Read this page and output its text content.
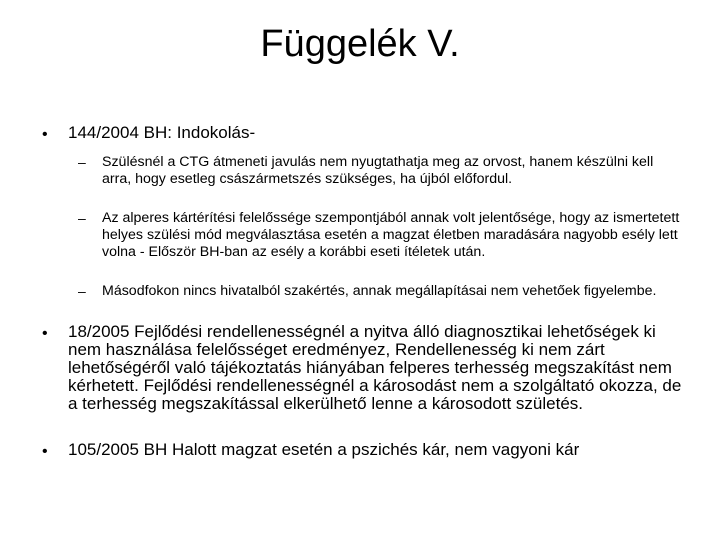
Függelék V.
• 144/2004 BH: Indokolás-
– Szülésnél a CTG átmeneti javulás nem nyugtathatja meg az orvost, hanem készülni kell arra, hogy esetleg császármetszés szükséges, ha újból előfordul.
– Az alperes kártérítési felelőssége szempontjából annak volt jelentősége, hogy az ismertetett helyes szülési mód megválasztása esetén a magzat életben maradására nagyobb esély lett volna - Először BH-ban az esély a korábbi eseti ítéletek után.
– Másodfokon nincs hivatalból szakértés, annak megállapításai nem vehetőek figyelembe.
• 18/2005 Fejlődési rendellenességnél a nyitva álló diagnosztikai lehetőségek ki nem használása felelősséget eredményez, Rendellenesség ki nem zárt lehetőségéről való tájékoztatás hiányában felperes terhesség megszakítást nem kérhetett. Fejlődési rendellenességnél a károsodást nem a szolgáltató okozza, de a terhesség megszakítással elkerülhető lenne a károsodott születés.
• 105/2005 BH Halott magzat esetén a pszichés kár, nem vagyoni kár
